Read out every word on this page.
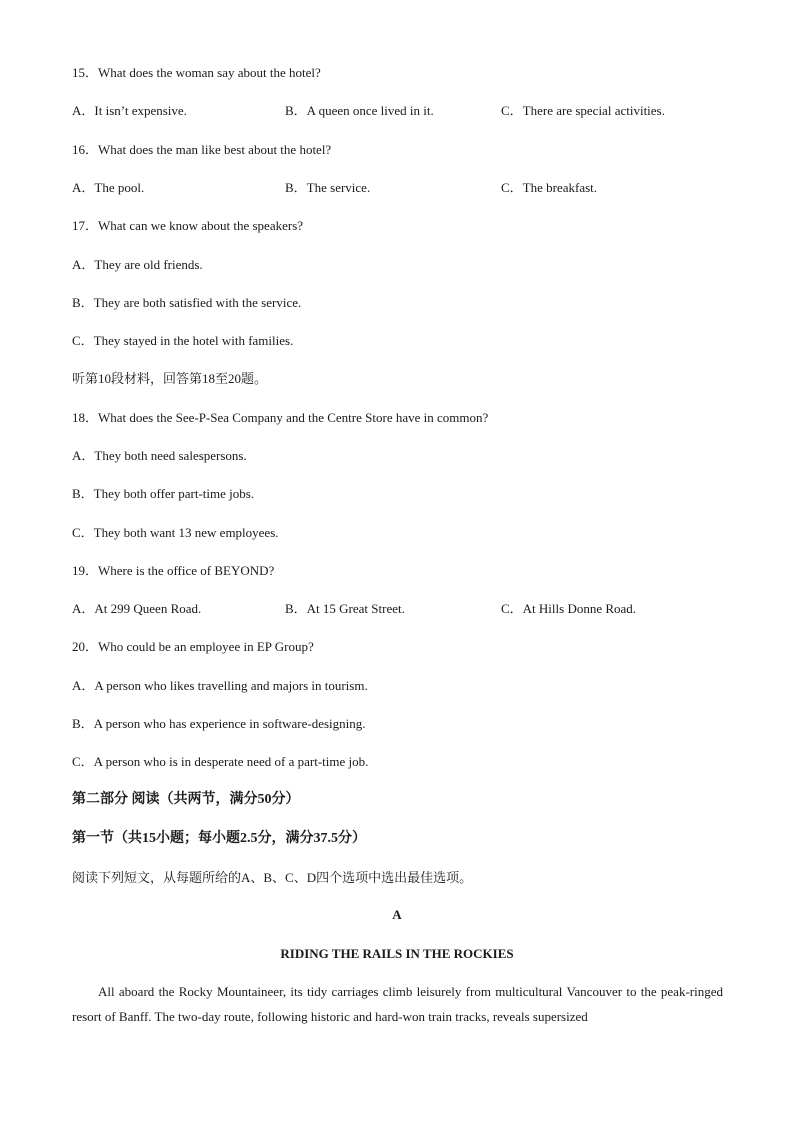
15．What does the woman say about the hotel?
A．It isn’t expensive.	B．A queen once lived in it.	C．There are special activities.
16．What does the man like best about the hotel?
A．The pool.	B．The service.	C．The breakfast.
17．What can we know about the speakers?
A．They are old friends.
B．They are both satisfied with the service.
C．They stayed in the hotel with families.
听第10段材料，回答第18至20题。
18．What does the See-P-Sea Company and the Centre Store have in common?
A．They both need salespersons.
B．They both offer part-time jobs.
C．They both want 13 new employees.
19．Where is the office of BEYOND?
A．At 299 Queen Road.	B．At 15 Great Street.	C．At Hills Donne Road.
20．Who could be an employee in EP Group?
A．A person who likes travelling and majors in tourism.
B．A person who has experience in software-designing.
C．A person who is in desperate need of a part-time job.
第二部分 阅读（共两节，满分50分）
第一节（共15小题；每小题2.5分，满分37.5分）
阅读下列短文，从每题所给的A、B、C、D四个选项中选出最佳选项。
A
RIDING THE RAILS IN THE ROCKIES
All aboard the Rocky Mountaineer, its tidy carriages climb leisurely from multicultural Vancouver to the peak-ringed resort of Banff. The two-day route, following historic and hard-won train tracks, reveals supersized
